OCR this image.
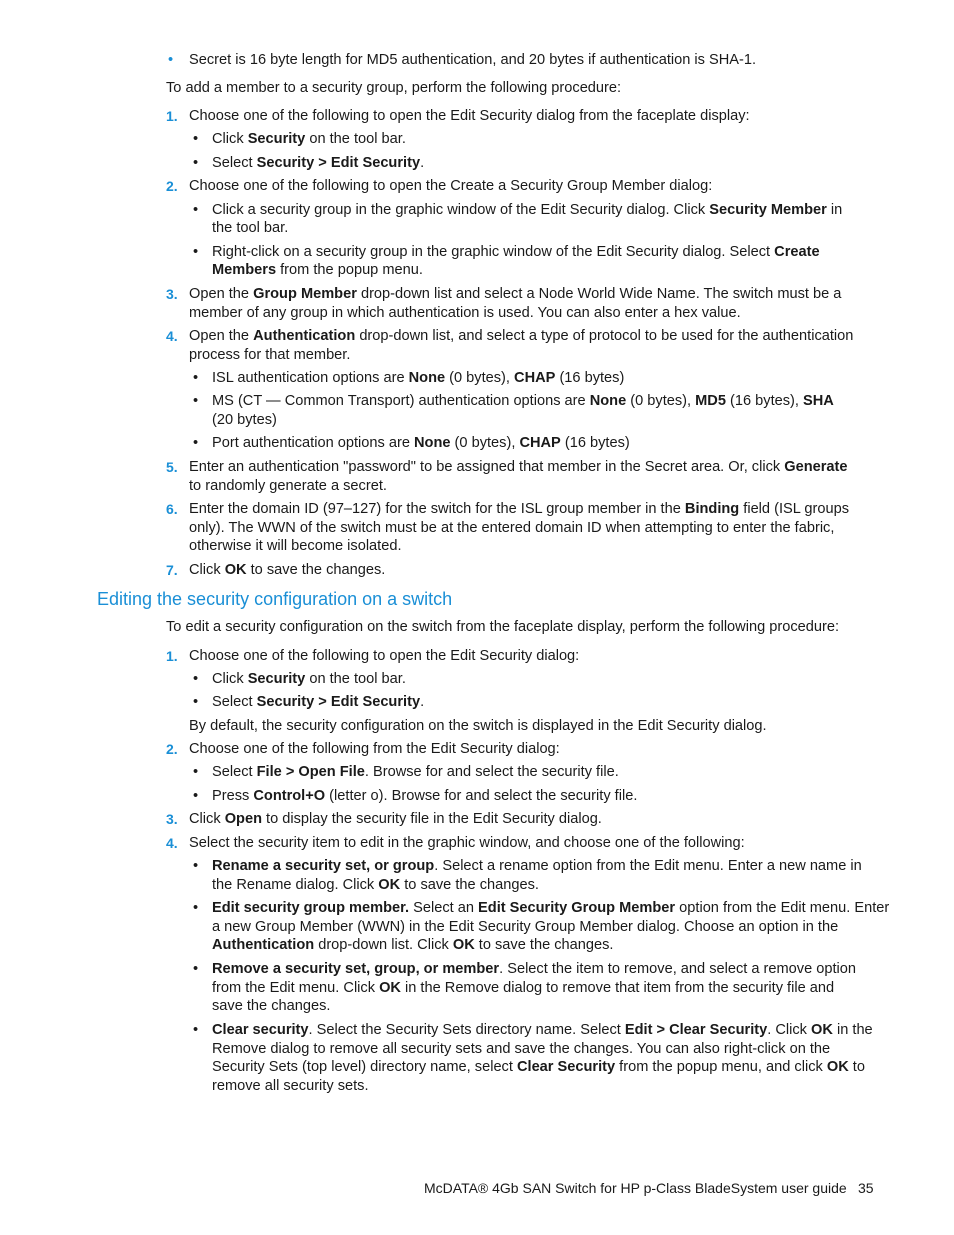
• Secret is 16 byte length for MD5 authentication, and 20 bytes if authentication is SHA-1.
To add a member to a security group, perform the following procedure:
1. Choose one of the following to open the Edit Security dialog from the faceplate display:
• Click Security on the tool bar.
• Select Security > Edit Security.
2. Choose one of the following to open the Create a Security Group Member dialog:
• Click a security group in the graphic window of the Edit Security dialog. Click Security Member in
the tool bar.
• Right-click on a security group in the graphic window of the Edit Security dialog. Select Create
Members from the popup menu.
3. Open the Group Member drop-down list and select a Node World Wide Name. The switch must be a
member of any group in which authentication is used. You can also enter a hex value.
4. Open the Authentication drop-down list, and select a type of protocol to be used for the authentication
process for that member.
• ISL authentication options are None (0 bytes), CHAP (16 bytes)
• MS (CT — Common Transport) authentication options are None (0 bytes), MD5 (16 bytes), SHA
(20 bytes)
• Port authentication options are None (0 bytes), CHAP (16 bytes)
5. Enter an authentication "password" to be assigned that member in the Secret area. Or, click Generate
to randomly generate a secret.
6. Enter the domain ID (97–127) for the switch for the ISL group member in the Binding field (ISL groups
only). The WWN of the switch must be at the entered domain ID when attempting to enter the fabric,
otherwise it will become isolated.
7. Click OK to save the changes.
Editing the security configuration on a switch
To edit a security configuration on the switch from the faceplate display, perform the following procedure:
1. Choose one of the following to open the Edit Security dialog:
• Click Security on the tool bar.
• Select Security > Edit Security.
By default, the security configuration on the switch is displayed in the Edit Security dialog.
2. Choose one of the following from the Edit Security dialog:
• Select File > Open File. Browse for and select the security file.
• Press Control+O (letter o). Browse for and select the security file.
3. Click Open to display the security file in the Edit Security dialog.
4. Select the security item to edit in the graphic window, and choose one of the following:
• Rename a security set, or group. Select a rename option from the Edit menu. Enter a new name in
the Rename dialog. Click OK to save the changes.
• Edit security group member. Select an Edit Security Group Member option from the Edit menu. Enter
a new Group Member (WWN) in the Edit Security Group Member dialog. Choose an option in the
Authentication drop-down list. Click OK to save the changes.
• Remove a security set, group, or member. Select the item to remove, and select a remove option
from the Edit menu. Click OK in the Remove dialog to remove that item from the security file and
save the changes.
• Clear security. Select the Security Sets directory name. Select Edit > Clear Security. Click OK in the
Remove dialog to remove all security sets and save the changes. You can also right-click on the
Security Sets (top level) directory name, select Clear Security from the popup menu, and click OK to
remove all security sets.
McDATA® 4Gb SAN Switch for HP p-Class BladeSystem user guide 35
